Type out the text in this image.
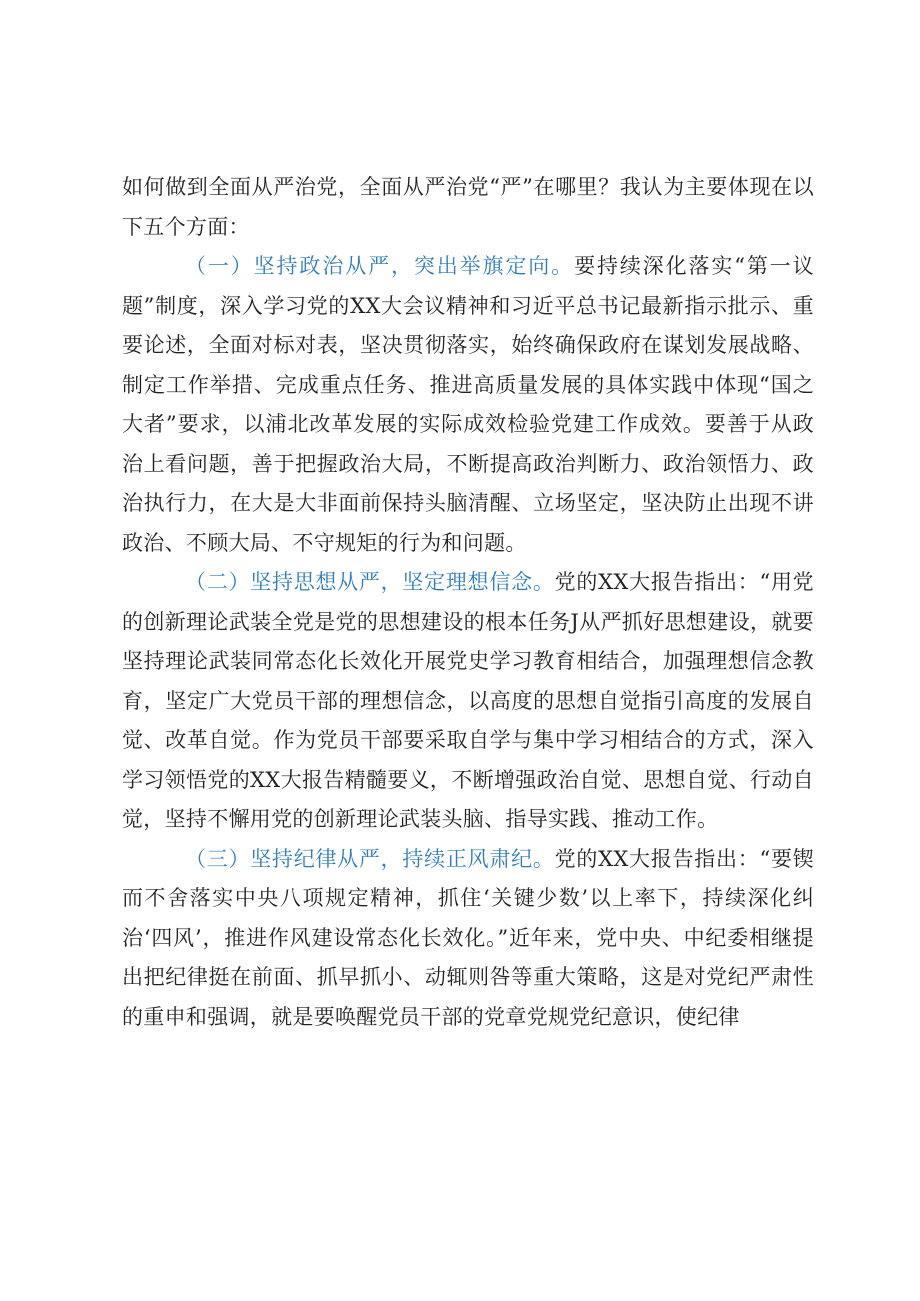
如何做到全面从严治党，全面从严治党“严”在哪里？我认为主要体现在以下五个方面：

（一）坚持政治从严，突出举旗定向。要持续深化落实“第一议题”制度，深入学习党的XX大会议精神和习近平总书记最新指示批示、重要论述，全面对标对表，坚决贯彻落实，始终确保政府在谋划发展战略、制定工作举措、完成重点任务、推进高质量发展的具体实践中体现“国之大者”要求，以浦北改革发展的实际成效检验党建工作成效。要善于从政治上看问题，善于把握政治大局，不断提高政治判断力、政治领悟力、政治执行力，在大是大非面前保持头脑清醒、立场坚定，坚决防止出现不讲政治、不顾大局、不守规矩的行为和问题。

（二）坚持思想从严，坚定理想信念。党的XX大报告指出：“用党的创新理论武装全党是党的思想建设的根本任务J从严抓好思想建设，就要坚持理论武装同常态化长效化开展党史学习教育相结合，加强理想信念教育，坚定广大党员干部的理想信念，以高度的思想自觉指引高度的发展自觉、改革自觉。作为党员干部要采取自学与集中学习相结合的方式，深入学习领悟党的XX大报告精髓要义，不断增强政治自觉、思想自觉、行动自觉，坚持不懈用党的创新理论武装头脑、指导实践、推动工作。

（三）坚持纪律从严，持续正风肃纪。党的XX大报告指出：“要锲而不舍落实中央八项规定精神，抓住‘关键少数’以上率下，持续深化纠治‘四风’，推进作风建设常态化长效化。”近年来，党中央、中纪委相继提出把纪律挺在前面、抓早抓小、动辄则咎等重大策略，这是对党纪严肃性的重申和强调，就是要唤醒党员干部的党章党规党纪意识，使纪律
